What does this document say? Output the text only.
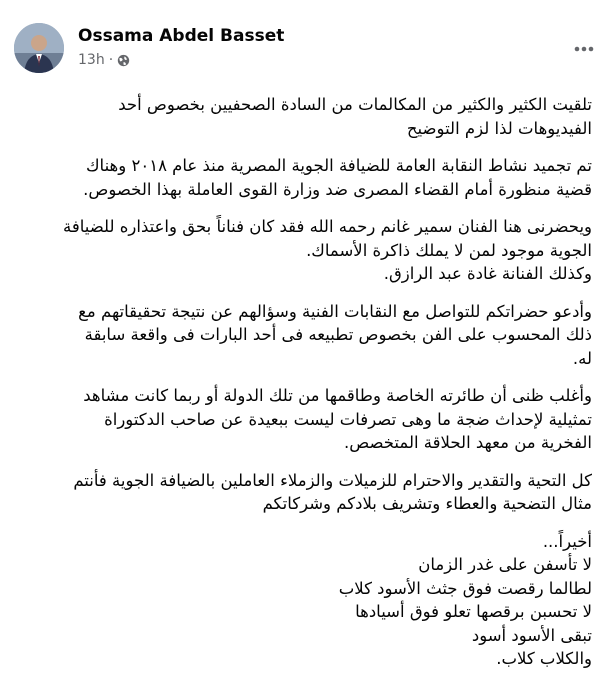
Ossama Abdel Basset
13h ·

تلقيت الكثير والكثير من المكالمات من السادة الصحفيين بخصوص أحد
الفيديوهات لذا لزم التوضيح

تم تجميد نشاط النقابة العامة للضيافة الجوية المصرية منذ عام ٢٠١٨ وهناك
قضية منظورة أمام القضاء المصرى ضد وزارة القوى العاملة بهذا الخصوص.

ويحضرنى هنا الفنان سمير غانم رحمه الله فقد كان فناناً بحق واعتذاره للضيافة
الجوية موجود لمن لا يملك ذاكرة الأسماك.
وكذلك الفنانة غادة عبد الرازق.

وأدعو حضراتكم للتواصل مع النقابات الفنية وسؤالهم عن نتيجة تحقيقاتهم مع
ذلك المحسوب على الفن بخصوص تطبيعه فى أحد البارات فى واقعة سابقة
له.

وأغلب ظنى أن طائرته الخاصة وطاقمها من تلك الدولة أو ربما كانت مشاهد
تمثيلية لإحداث ضجة ما وهى تصرفات ليست ببعيدة عن صاحب الدكتوراة
الفخرية من معهد الحلاقة المتخصص.

كل التحية والتقدير والاحترام للزميلات والزملاء العاملين بالضيافة الجوية فأنتم
مثال التضحية والعطاء وتشريف بلادكم وشركاتكم

أخيراً...
لا تأسفن على غدر الزمان
لطالما رقصت فوق جثث الأسود كلاب
لا تحسبن برقصها تعلو فوق أسيادها
تبقى الأسود أسود
والكلاب كلاب.
